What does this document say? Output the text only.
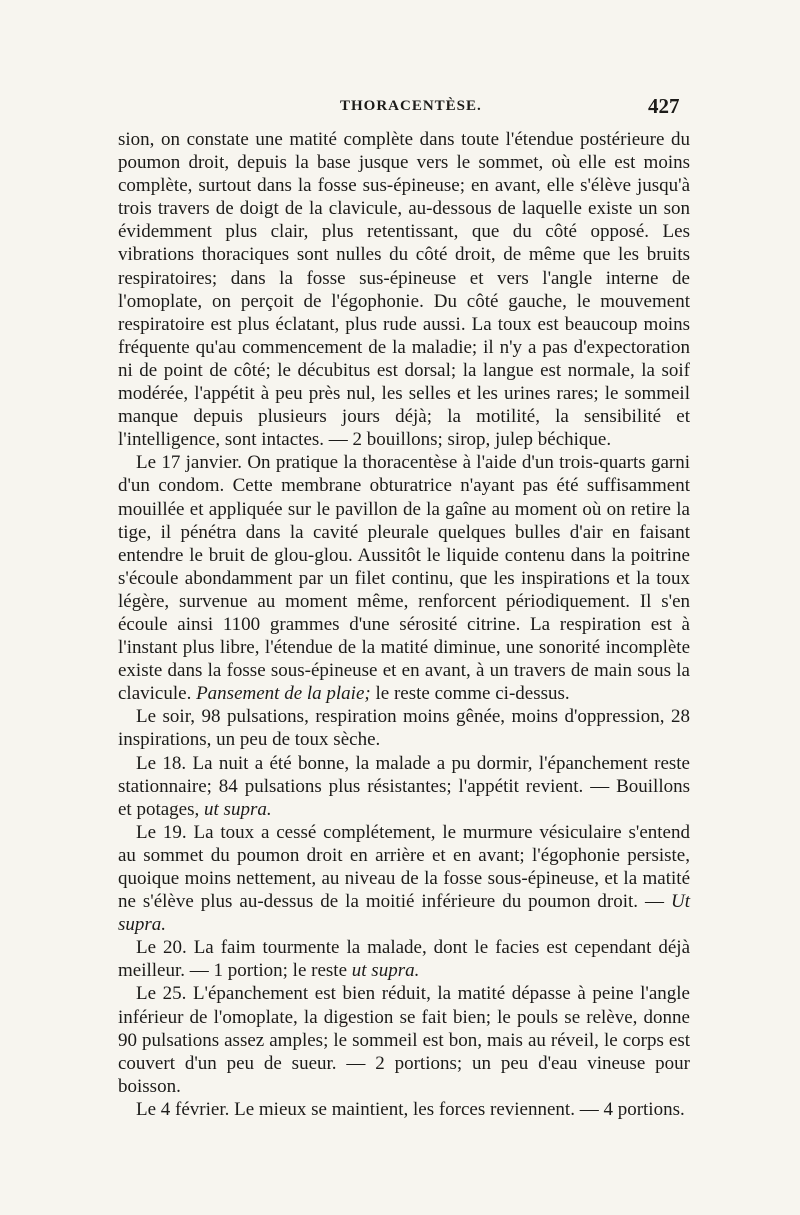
THORACENTÈSE.	427

sion, on constate une matité complète dans toute l'étendue postérieure du poumon droit, depuis la base jusque vers le sommet, où elle est moins complète, surtout dans la fosse sus-épineuse; en avant, elle s'élève jusqu'à trois travers de doigt de la clavicule, au-dessous de laquelle existe un son évidemment plus clair, plus retentissant, que du côté opposé. Les vibrations thoraciques sont nulles du côté droit, de même que les bruits respiratoires; dans la fosse sus-épineuse et vers l'angle interne de l'omoplate, on perçoit de l'égophonie. Du côté gauche, le mouvement respiratoire est plus éclatant, plus rude aussi. La toux est beaucoup moins fréquente qu'au commencement de la maladie; il n'y a pas d'expectoration ni de point de côté; le décubitus est dorsal; la langue est normale, la soif modérée, l'appétit à peu près nul, les selles et les urines rares; le sommeil manque depuis plusieurs jours déjà; la motilité, la sensibilité et l'intelligence, sont intactes. — 2 bouillons; sirop, julep béchique.

Le 17 janvier. On pratique la thoracentèse à l'aide d'un trois-quarts garni d'un condom. Cette membrane obturatrice n'ayant pas été suffisamment mouillée et appliquée sur le pavillon de la gaîne au moment où on retire la tige, il pénétra dans la cavité pleurale quelques bulles d'air en faisant entendre le bruit de glou-glou. Aussitôt le liquide contenu dans la poitrine s'écoule abondamment par un filet continu, que les inspirations et la toux légère, survenue au moment même, renforcent périodiquement. Il s'en écoule ainsi 1100 grammes d'une sérosité citrine. La respiration est à l'instant plus libre, l'étendue de la matité diminue, une sonorité incomplète existe dans la fosse sous-épineuse et en avant, à un travers de main sous la clavicule. Pansement de la plaie; le reste comme ci-dessus.

Le soir, 98 pulsations, respiration moins gênée, moins d'oppression, 28 inspirations, un peu de toux sèche.

Le 18. La nuit a été bonne, la malade a pu dormir, l'épanchement reste stationnaire; 84 pulsations plus résistantes; l'appétit revient. — Bouillons et potages, ut supra.

Le 19. La toux a cessé complétement, le murmure vésiculaire s'entend au sommet du poumon droit en arrière et en avant; l'égophonie persiste, quoique moins nettement, au niveau de la fosse sous-épineuse, et la matité ne s'élève plus au-dessus de la moitié inférieure du poumon droit. — Ut supra.

Le 20. La faim tourmente la malade, dont le facies est cependant déjà meilleur. — 1 portion; le reste ut supra.

Le 25. L'épanchement est bien réduit, la matité dépasse à peine l'angle inférieur de l'omoplate, la digestion se fait bien; le pouls se relève, donne 90 pulsations assez amples; le sommeil est bon, mais au réveil, le corps est couvert d'un peu de sueur. — 2 portions; un peu d'eau vineuse pour boisson.

Le 4 février. Le mieux se maintient, les forces reviennent. — 4 portions.
